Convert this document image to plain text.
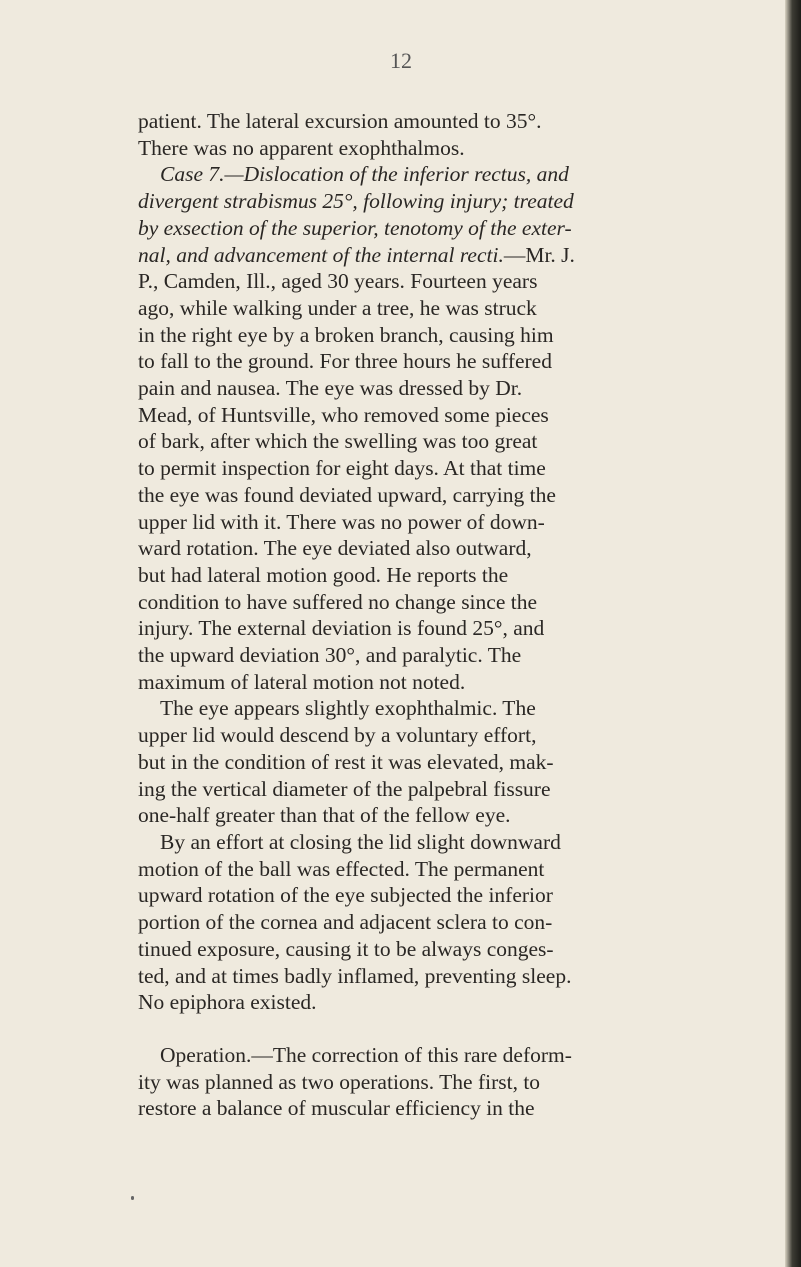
12
patient. The lateral excursion amounted to 35°.
There was no apparent exophthalmos.
Case 7.—Dislocation of the inferior rectus, and
divergent strabismus 25°, following injury; treated
by exsection of the superior, tenotomy of the exter-
nal, and advancement of the internal recti.—Mr. J.
P., Camden, Ill., aged 30 years. Fourteen years
ago, while walking under a tree, he was struck
in the right eye by a broken branch, causing him
to fall to the ground. For three hours he suffered
pain and nausea. The eye was dressed by Dr.
Mead, of Huntsville, who removed some pieces
of bark, after which the swelling was too great
to permit inspection for eight days. At that time
the eye was found deviated upward, carrying the
upper lid with it. There was no power of down-
ward rotation. The eye deviated also outward,
but had lateral motion good. He reports the
condition to have suffered no change since the
injury. The external deviation is found 25°, and
the upward deviation 30°, and paralytic. The
maximum of lateral motion not noted.
The eye appears slightly exophthalmic. The
upper lid would descend by a voluntary effort,
but in the condition of rest it was elevated, mak-
ing the vertical diameter of the palpebral fissure
one-half greater than that of the fellow eye.
By an effort at closing the lid slight downward
motion of the ball was effected. The permanent
upward rotation of the eye subjected the inferior
portion of the cornea and adjacent sclera to con-
tinued exposure, causing it to be always conges-
ted, and at times badly inflamed, preventing sleep.
No epiphora existed.
Operation.—The correction of this rare deform-
ity was planned as two operations. The first, to
restore a balance of muscular efficiency in the
